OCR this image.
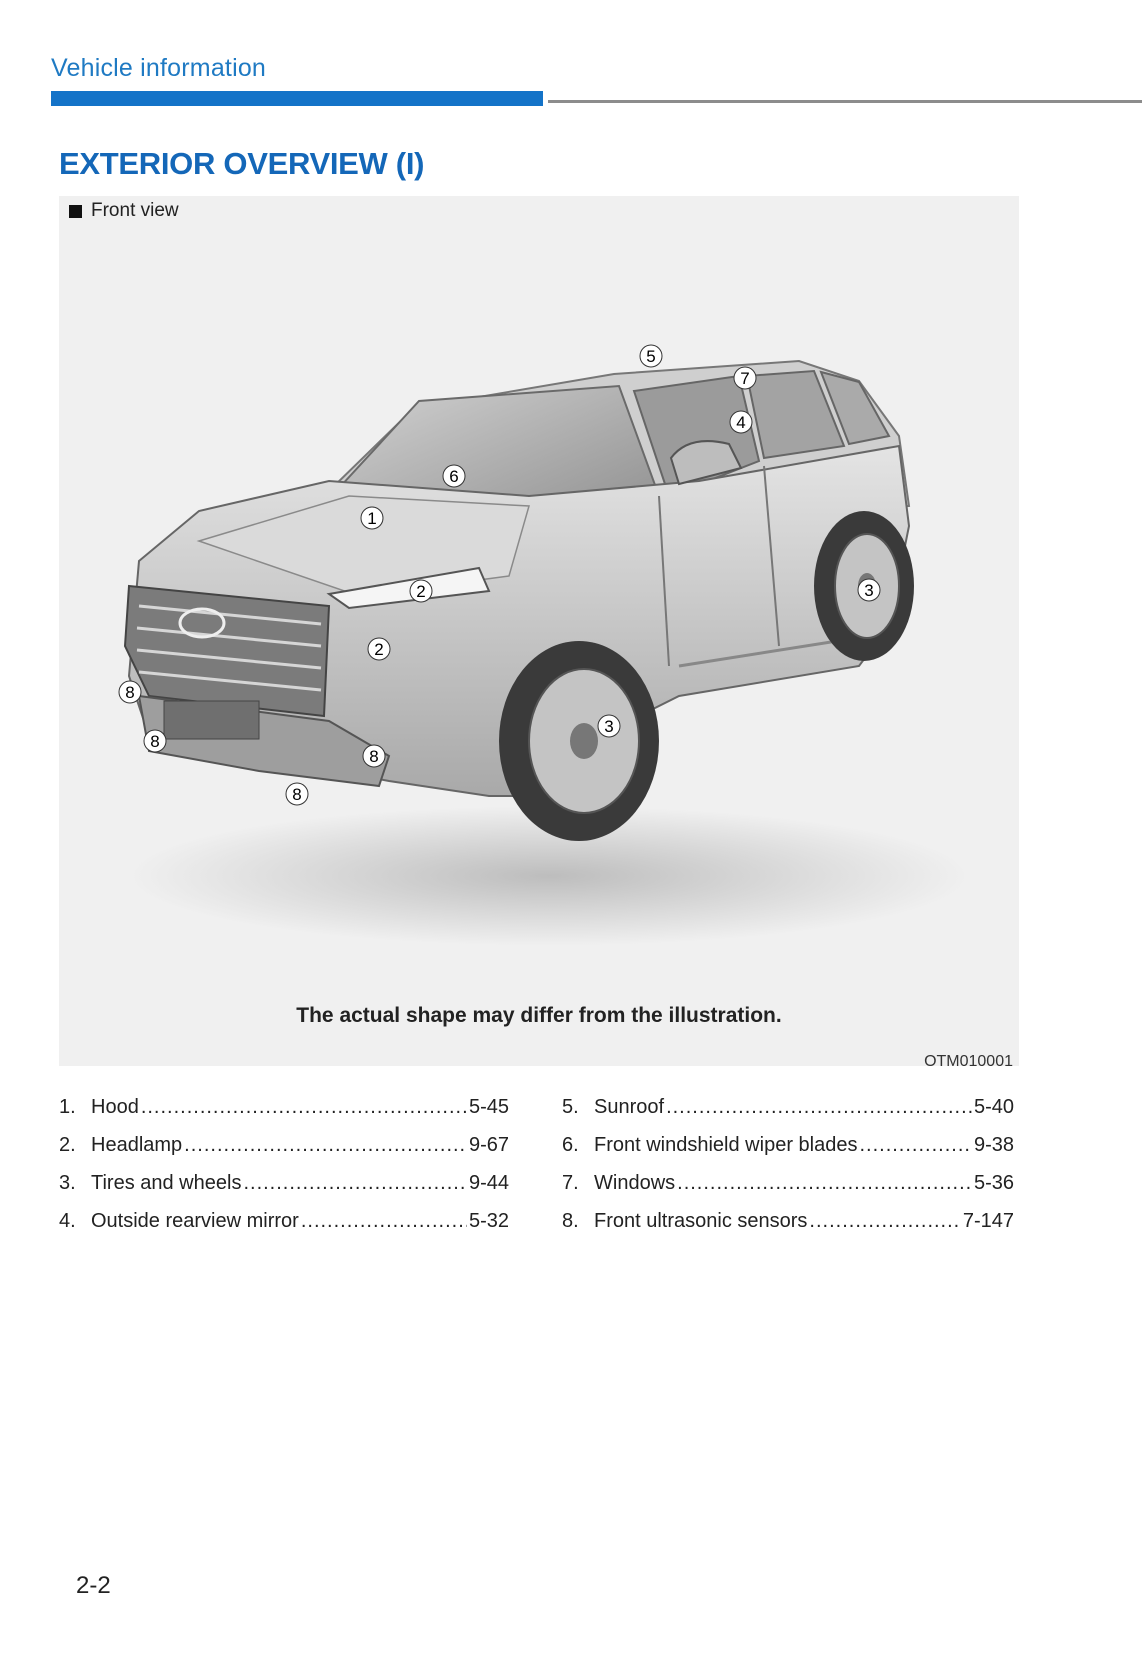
Vehicle information
EXTERIOR OVERVIEW (I)
Front view
1
2
2
3
3
4
5
6
7
8
8
8
8
The actual shape may differ from the illustration.
OTM010001
1. Hood .....	5-45
2. Headlamp .....	9-67
3. Tires and wheels .....	9-44
4. Outside rearview mirror .....	5-32
5. Sunroof .....	5-40
6. Front windshield wiper blades .....	9-38
7. Windows .....	5-36
8. Front ultrasonic sensors .....	7-147
2-2
